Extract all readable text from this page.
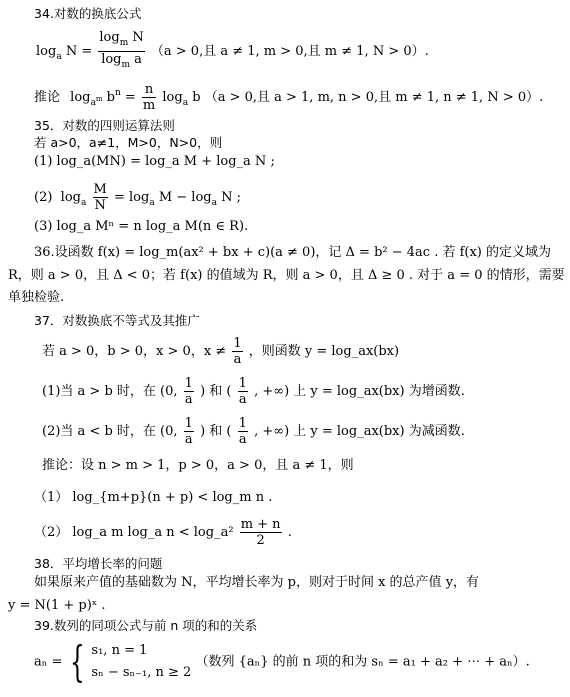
34.对数的换底公式
$\log_a N = \frac{\log_m N}{\log_m a} (a > 0$,且 a ≠ 1, m > 0,且 m ≠ 1, N > 0）.
推论 $\log_{a^m} b^n = \frac{n}{m} \log_a b$ （a > 0,且 a > 1, m, n > 0,且 m ≠ 1, n ≠ 1, N > 0）.
35．对数的四则运算法则
若 a>0，a≠1，M>0，N>0，则
(1) log_a(MN) = log_a M + log_a N ;
(2)  $\log_a \frac{M}{N} = \log_a M - \log_a N$ ;
(3) log_a Mⁿ = n log_a M(n ∈ R).
36.设函数 f(x) = log_m(ax² + bx + c)(a ≠ 0)，记 Δ = b² − 4ac . 若 f(x) 的定义域为
R，则 a > 0，且 Δ < 0；若 f(x) 的值域为 R，则 a > 0，且 Δ ≥ 0 . 对于 a = 0 的情形，需要
单独检验.
37．对数换底不等式及其推广
若 a > 0，b > 0，x > 0，$x \ne \frac{1}{a}$ ，则函数 y = log_ax(bx)
(1)当 a > b 时，在 (0, $\frac{1}{a}$ ) 和 ( $\frac{1}{a}$ , +∞) 上 y = log_ax(bx) 为增函数.
(2)当 a < b 时，在 (0, $\frac{1}{a}$ ) 和 ( $\frac{1}{a}$ , +∞) 上 y = log_ax(bx) 为减函数.
推论：设 n > m > 1，p > 0，a > 0，且 a ≠ 1，则
（1） log_{m+p}(n + p) < log_m n .
（2） log_a m log_a n < log_a² $\frac{m + n}{2}$ .
38．平均增长率的问题
如果原来产值的基础数为 N，平均增长率为 p，则对于时间 x 的总产值 y，有
y = N(1 + p)ˣ .
39.数列的同项公式与前 n 项的和的关系
aₙ = { s₁, n = 1
sₙ − sₙ₋₁, n ≥ 2
（数列 {aₙ} 的前 n 项的和为 sₙ = a₁ + a₂ + ⋯ + aₙ）.
